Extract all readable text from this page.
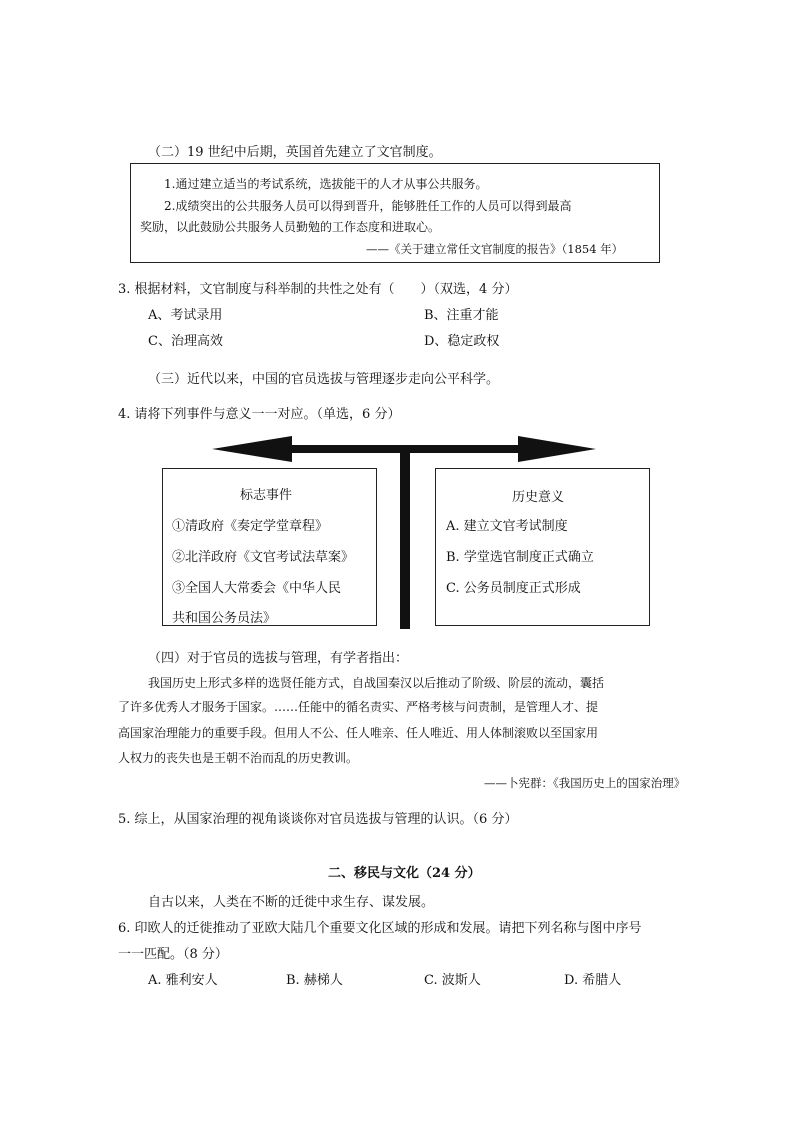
（二）19 世纪中后期，英国首先建立了文官制度。
1.通过建立适当的考试系统，选拔能干的人才从事公共服务。
2.成绩突出的公共服务人员可以得到晋升，能够胜任工作的人员可以得到最高
奖励，以此鼓励公共服务人员勤勉的工作态度和进取心。
——《关于建立常任文官制度的报告》（1854 年）
3. 根据材料，文官制度与科举制的共性之处有（　　）（双选，4 分）
A、考试录用	B、注重才能
C、治理高效	D、稳定政权
（三）近代以来，中国的官员选拔与管理逐步走向公平科学。
4. 请将下列事件与意义一一对应。（单选，6 分）
标志事件
①清政府《奏定学堂章程》
②北洋政府《文官考试法草案》
③全国人大常委会《中华人民
共和国公务员法》
历史意义
A. 建立文官考试制度
B. 学堂选官制度正式确立
C. 公务员制度正式形成
（四）对于官员的选拔与管理，有学者指出：
我国历史上形式多样的选贤任能方式，自战国秦汉以后推动了阶级、阶层的流动，囊括
了许多优秀人才服务于国家。……任能中的循名责实、严格考核与问责制，是管理人才、提
高国家治理能力的重要手段。但用人不公、任人唯亲、任人唯近、用人体制滚败以至国家用
人权力的丧失也是王朝不治而乱的历史教训。
——卜宪群：《我国历史上的国家治理》
5. 综上，从国家治理的视角谈谈你对官员选拔与管理的认识。（6 分）
二、移民与文化（24 分）
自古以来，人类在不断的迁徙中求生存、谋发展。
6. 印欧人的迁徙推动了亚欧大陆几个重要文化区域的形成和发展。请把下列名称与图中序号
一一匹配。（8 分）
A. 雅利安人	B. 赫梯人	C. 波斯人	D. 希腊人
